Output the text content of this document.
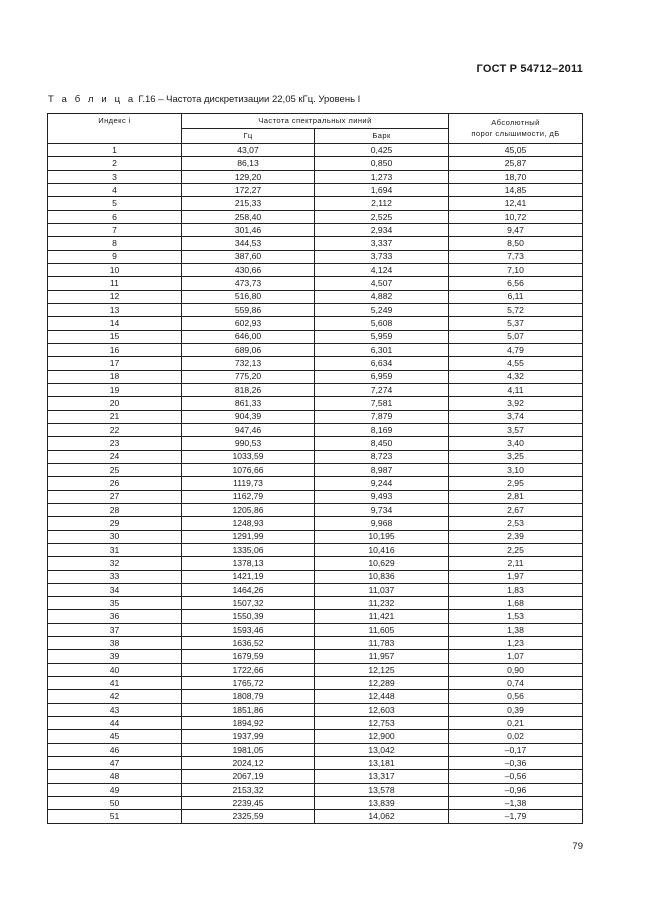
ГОСТ Р 54712–2011
Т а б л и ц а Г.16 – Частота дискретизации 22,05 кГц. Уровень I
Индекс i	Частота спектральных линий		Абсолютный
порог слышимости, дБ
	Гц	Барк	
1	43,07	0,425	45,05
2	86,13	0,850	25,87
3	129,20	1,273	18,70
4	172,27	1,694	14,85
5	215,33	2,112	12,41
6	258,40	2,525	10,72
7	301,46	2,934	9,47
8	344,53	3,337	8,50
9	387,60	3,733	7,73
10	430,66	4,124	7,10
11	473,73	4,507	6,56
12	516,80	4,882	6,11
13	559,86	5,249	5,72
14	602,93	5,608	5,37
15	646,00	5,959	5,07
16	689,06	6,301	4,79
17	732,13	6,634	4,55
18	775,20	6,959	4,32
19	818,26	7,274	4,11
20	861,33	7,581	3,92
21	904,39	7,879	3,74
22	947,46	8,169	3,57
23	990,53	8,450	3,40
24	1033,59	8,723	3,25
25	1076,66	8,987	3,10
26	1119,73	9,244	2,95
27	1162,79	9,493	2,81
28	1205,86	9,734	2,67
29	1248,93	9,968	2,53
30	1291,99	10,195	2,39
31	1335,06	10,416	2,25
32	1378,13	10,629	2,11
33	1421,19	10,836	1,97
34	1464,26	11,037	1,83
35	1507,32	11,232	1,68
36	1550,39	11,421	1,53
37	1593,46	11,605	1,38
38	1636,52	11,783	1,23
39	1679,59	11,957	1,07
40	1722,66	12,125	0,90
41	1765,72	12,289	0,74
42	1808,79	12,448	0,56
43	1851,86	12,603	0,39
44	1894,92	12,753	0,21
45	1937,99	12,900	0,02
46	1981,05	13,042	–0,17
47	2024,12	13,181	–0,36
48	2067,19	13,317	–0,56
49	2153,32	13,578	–0,96
50	2239,45	13,839	–1,38
51	2325,59	14,062	–1,79
79
